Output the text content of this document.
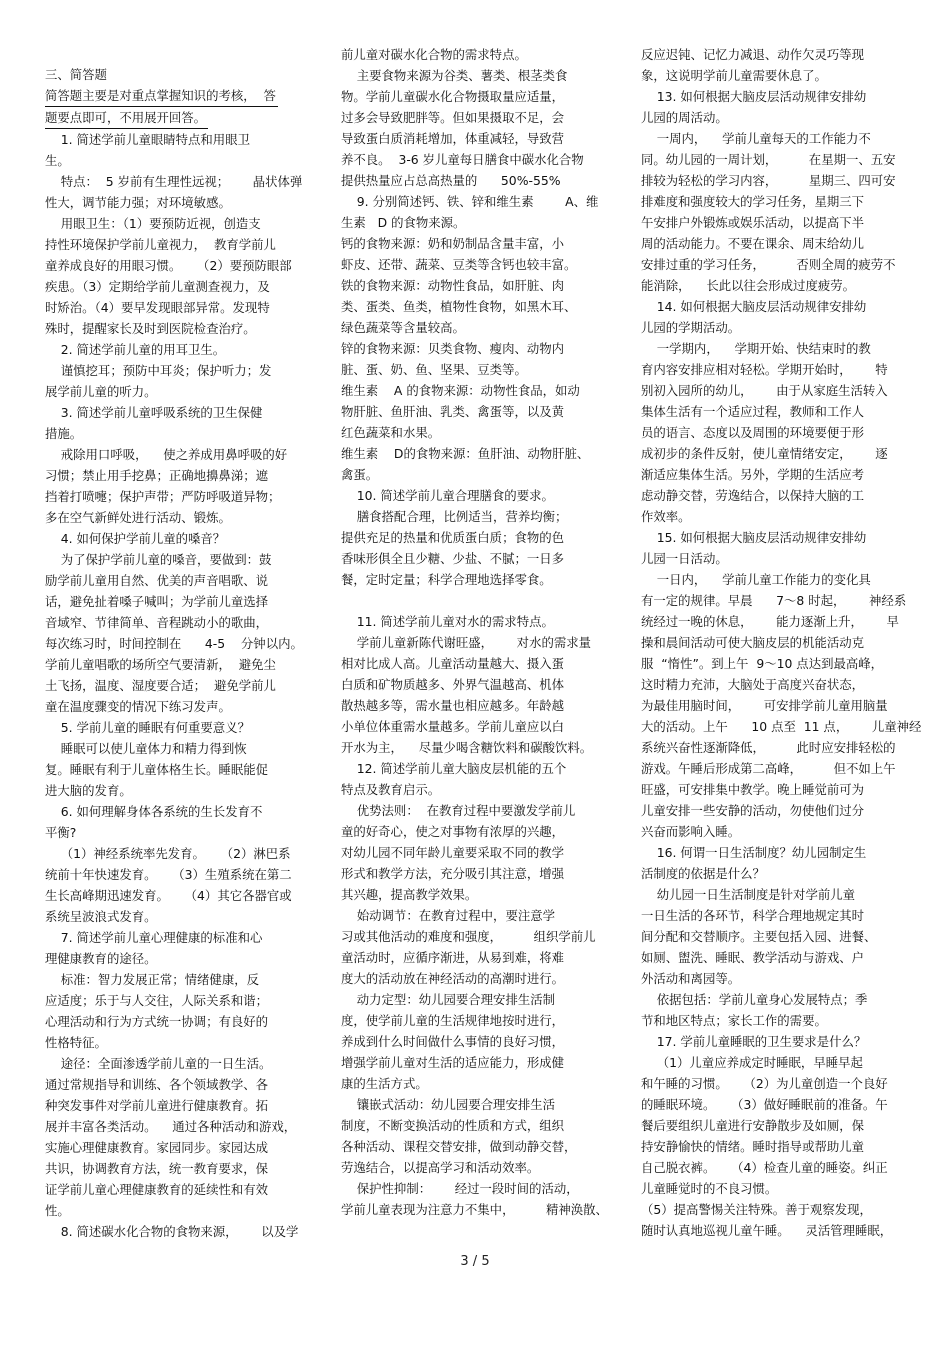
三、简答题

简答题主要是对重点掌握知识的考核，  答

题要点即可，不用展开回答。

1. 简述学前儿童眼睛特点和用眼卫

生。

特点：  5 岁前有生理性远视；      晶状体弹

性大，调节能力强；对环境敏感。

用眼卫生：（1）要预防近视，创造支

持性环境保护学前儿童视力，  教育学前儿

童养成良好的用眼习惯。    （2）要预防眼部

疾患。（3）定期给学前儿童测查视力，及

时矫治。（4）要早发现眼部异常。发现特

殊时，提醒家长及时到医院检查治疗。

2. 简述学前儿童的用耳卫生。

谨慎挖耳；预防中耳炎；保护听力；发

展学前儿童的听力。

3. 简述学前儿童呼吸系统的卫生保健

措施。

戒除用口呼吸，    使之养成用鼻呼吸的好

习惯；禁止用手挖鼻；正确地擤鼻涕；遮

挡着打喷嚏；保护声带；严防呼吸道异物；

多在空气新鲜处进行活动、锻炼。

4. 如何保护学前儿童的嗓音？

为了保护学前儿童的嗓音，要做到：鼓

励学前儿童用自然、优美的声音唱歌、说

话，避免扯着嗓子喊叫；为学前儿童选择

音域窄、节律简单、音程跳动小的歌曲，

每次练习时，时间控制在      4-5    分钟以内。

学前儿童唱歌的场所空气要清新，  避免尘

土飞扬，温度、湿度要合适；  避免学前儿

童在温度骤变的情况下练习发声。

5. 学前儿童的睡眠有何重要意义？

睡眠可以使儿童体力和精力得到恢

复。睡眠有利于儿童体格生长。睡眠能促

进大脑的发育。

6. 如何理解身体各系统的生长发育不

平衡?

（1）神经系统率先发育。    （2）淋巴系

统前十年快速发育。    （3）生殖系统在第二

生长高峰期迅速发育。    （4）其它各器官或

系统呈波浪式发育。

7. 简述学前儿童心理健康的标准和心

理健康教育的途径。

标准：智力发展正常；情绪健康，反

应适度；乐于与人交往，人际关系和谐；

心理活动和行为方式统一协调；有良好的

性格特征。

途径：全面渗透学前儿童的一日生活。

通过常规指导和训练、各个领域教学、各

种突发事件对学前儿童进行健康教育。拓

展并丰富各类活动。    通过各种活动和游戏，

实施心理健康教育。家园同步。家园达成

共识，协调教育方法，统一教育要求，保

证学前儿童心理健康教育的延续性和有效

性。

8. 简述碳水化合物的食物来源，      以及学

前儿童对碳水化合物的需求特点。

主要食物来源为谷类、薯类、根茎类食

物。学前儿童碳水化合物摄取量应适量，

过多会导致肥胖等。但如果摄取不足，会

导致蛋白质消耗增加，体重减轻，导致营

养不良。  3-6 岁儿童每日膳食中碳水化合物

提供热量应占总高热量的      50%-55%

9. 分别简述钙、铁、锌和维生素        A、维

生素   D 的食物来源。

钙的食物来源：奶和奶制品含量丰富，小

虾皮、还带、蔬菜、豆类等含钙也较丰富。

铁的食物来源：动物性食品，如肝脏、肉

类、蛋类、鱼类，植物性食物，如黑木耳、

绿色蔬菜等含量较高。

锌的食物来源：贝类食物、瘦肉、动物内

脏、蛋、奶、鱼、坚果、豆类等。

维生素    A 的食物来源：动物性食品，如动

物肝脏、鱼肝油、乳类、禽蛋等，以及黄

红色蔬菜和水果。

维生素    D的食物来源：鱼肝油、动物肝脏、

禽蛋。

10. 简述学前儿童合理膳食的要求。

膳食搭配合理，比例适当，营养均衡；

提供充足的热量和优质蛋白质；食物的色

香味形俱全且少糖、少盐、不腻；一日多

餐，定时定量；科学合理地选择零食。

11. 简述学前儿童对水的需求特点。

学前儿童新陈代谢旺盛，      对水的需求量

相对比成人高。儿童活动量越大、摄入蛋

白质和矿物质越多、外界气温越高、机体

散热越多等，需水量也相应越多。年龄越

小单位体重需水量越多。学前儿童应以白

开水为主，    尽量少喝含糖饮料和碳酸饮料。

12. 简述学前儿童大脑皮层机能的五个

特点及教育启示。

优势法则：  在教育过程中要激发学前儿

童的好奇心，使之对事物有浓厚的兴趣，

对幼儿园不同年龄儿童要采取不同的教学

形式和教学方法，充分吸引其注意，增强

其兴趣，提高教学效果。

始动调节：在教育过程中，要注意学

习或其他活动的难度和强度，        组织学前儿

童活动时，应循序渐进，从易到难，将难

度大的活动放在神经活动的高潮时进行。

动力定型：幼儿园要合理安排生活制

度，使学前儿童的生活规律地按时进行，

养成到什么时间做什么事情的良好习惯，

增强学前儿童对生活的适应能力，形成健

康的生活方式。

镶嵌式活动：幼儿园要合理安排生活

制度，不断变换活动的性质和方式，组织

各种活动、课程交替安排，做到动静交替，

劳逸结合，以提高学习和活动效率。

保护性抑制：      经过一段时间的活动，

学前儿童表现为注意力不集中，        精神涣散、

反应迟钝、记忆力减退、动作欠灵巧等现

象，这说明学前儿童需要休息了。

13. 如何根据大脑皮层活动规律安排幼

儿园的周活动。

一周内，    学前儿童每天的工作能力不

同。幼儿园的一周计划，        在星期一、五安

排较为轻松的学习内容，        星期三、四可安

排难度和强度较大的学习任务，星期三下

午安排户外锻炼或娱乐活动，以提高下半

周的活动能力。不要在课余、周末给幼儿

安排过重的学习任务，        否则全周的疲劳不

能消除，    长此以往会形成过度疲劳。

14. 如何根据大脑皮层活动规律安排幼

儿园的学期活动。

一学期内，    学期开始、快结束时的教

育内容安排应相对轻松。学期开始时，      特

别初入园所的幼儿，      由于从家庭生活转入

集体生活有一个适应过程，教师和工作人

员的语言、态度以及周围的环境要便于形

成初步的条件反射，使儿童情绪安定，      逐

渐适应集体生活。另外，学期的生活应考

虑动静交替，劳逸结合，以保持大脑的工

作效率。

15. 如何根据大脑皮层活动规律安排幼

儿园一日活动。

一日内，    学前儿童工作能力的变化具

有一定的规律。早晨      7～8 时起，      神经系

统经过一晚的休息，      能力逐渐上升，      早

操和晨间活动可使大脑皮层的机能活动克

服  “惰性”。到上午  9～10 点达到最高峰，

这时精力充沛，大脑处于高度兴奋状态，

为最佳用脑时间，      可安排学前儿童用脑量

大的活动。上午      10 点至  11 点，      儿童神经

系统兴奋性逐渐降低，        此时应安排轻松的

游戏。午睡后形成第二高峰，        但不如上午

旺盛，可安排集中教学。晚上睡觉前可为

儿童安排一些安静的活动，勿使他们过分

兴奋而影响入睡。

16. 何谓一日生活制度？幼儿园制定生

活制度的依据是什么？

幼儿园一日生活制度是针对学前儿童

一日生活的各环节，科学合理地规定其时

间分配和交替顺序。主要包括入园、进餐、

如厕、盥洗、睡眠、教学活动与游戏、户

外活动和离园等。

依据包括：学前儿童身心发展特点；季

节和地区特点；家长工作的需要。

17. 学前儿童睡眠的卫生要求是什么？

（1）儿童应养成定时睡眠，早睡早起

和午睡的习惯。    （2）为儿童创造一个良好

的睡眠环境。    （3）做好睡眠前的准备。午

餐后要组织儿童进行安静散步及如厕，保

持安静愉快的情绪。睡时指导或帮助儿童

自己脱衣裤。    （4）检查儿童的睡姿。纠正

儿童睡觉时的不良习惯。

（5）提高警惕关注特殊。善于观察发现，

随时认真地巡视儿童午睡。    灵活管理睡眠，

3 / 5
